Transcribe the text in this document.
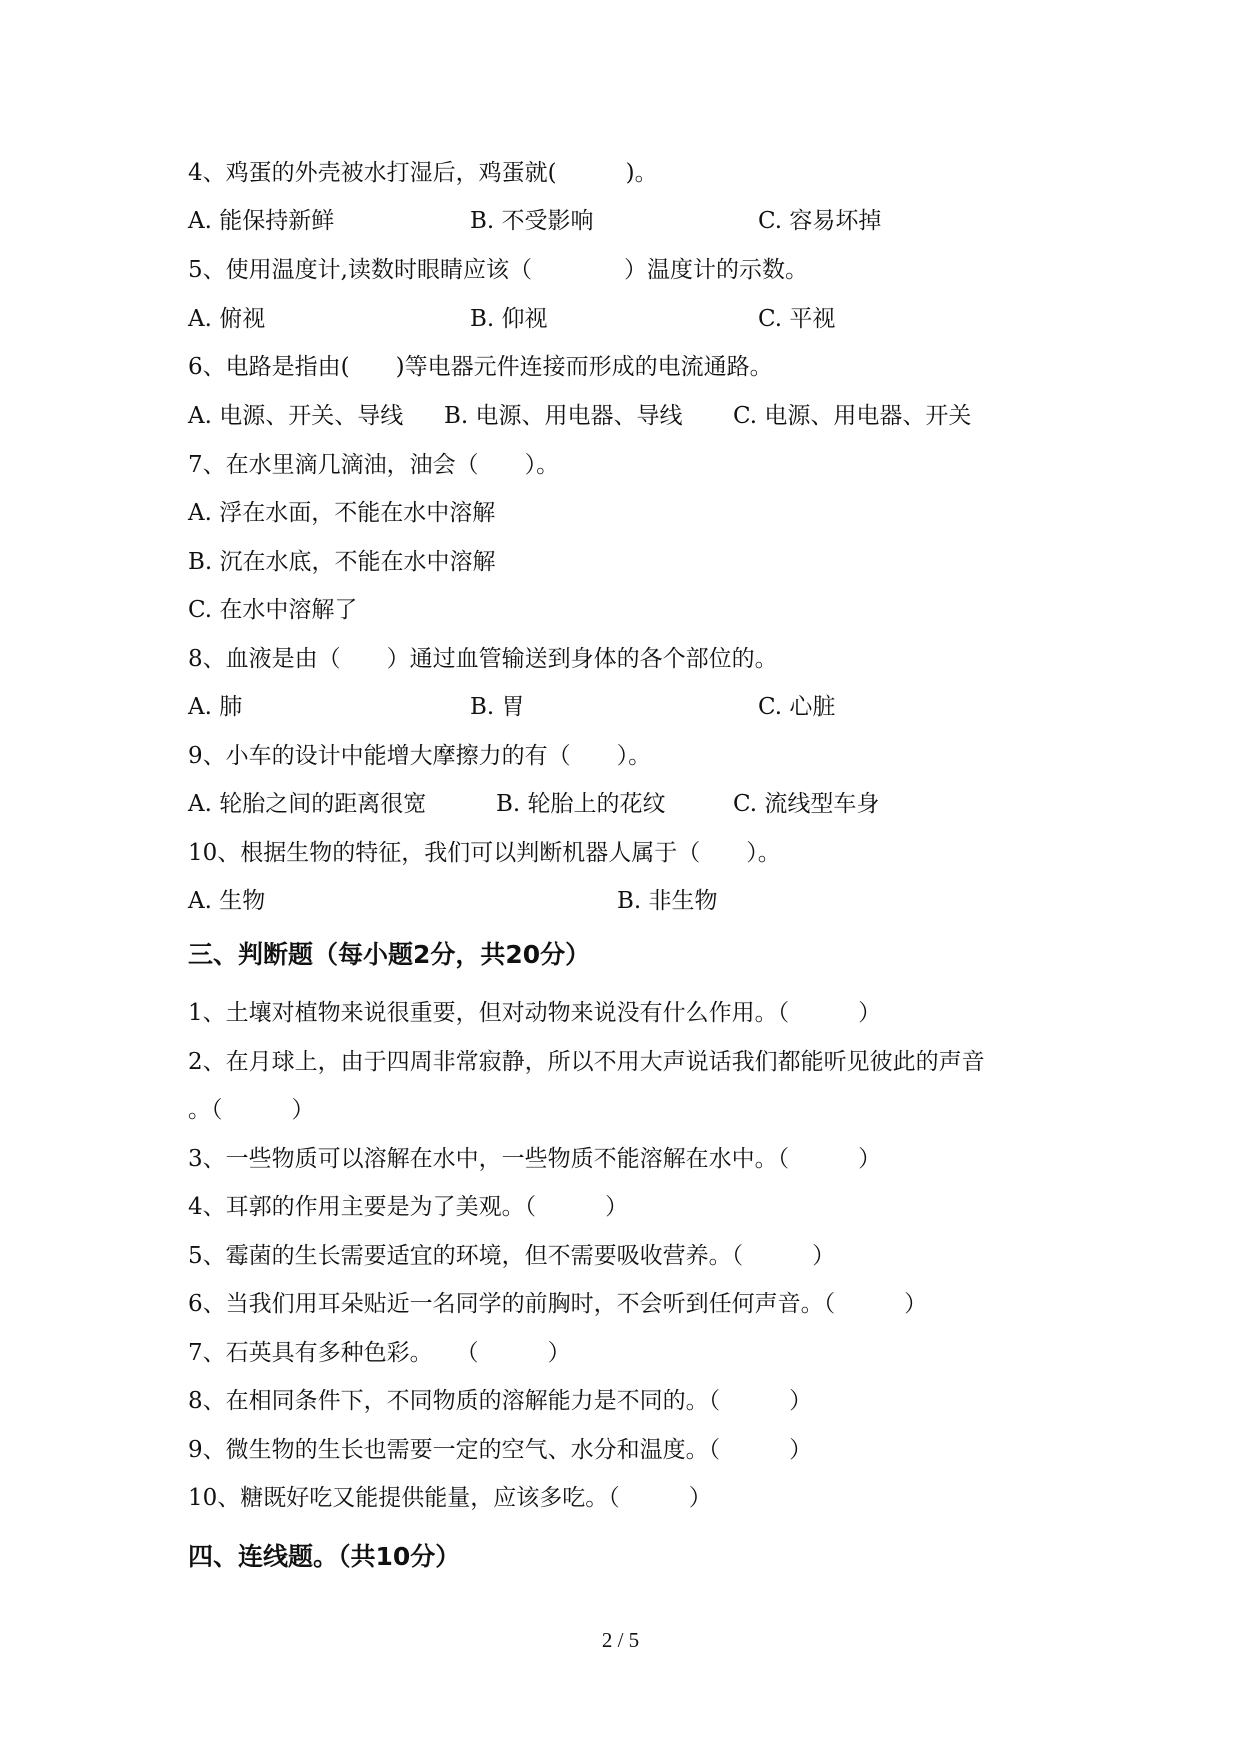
4、鸡蛋的外壳被水打湿后，鸡蛋就(　　　)。
A. 能保持新鲜	B. 不受影响	C. 容易坏掉
5、使用温度计,读数时眼睛应该（　　　　）温度计的示数。
A. 俯视	B. 仰视	C. 平视
6、电路是指由(　　)等电器元件连接而形成的电流通路。
A. 电源、开关、导线 B. 电源、用电器、导线 C. 电源、用电器、开关
7、在水里滴几滴油，油会（　　）。
A. 浮在水面，不能在水中溶解
B. 沉在水底，不能在水中溶解
C. 在水中溶解了
8、血液是由（　　）通过血管输送到身体的各个部位的。
A. 肺	B. 胃	C. 心脏
9、小车的设计中能增大摩擦力的有（　　）。
A. 轮胎之间的距离很宽	B. 轮胎上的花纹	C. 流线型车身
10、根据生物的特征，我们可以判断机器人属于（　　）。
A. 生物	B. 非生物
三、判断题（每小题2分，共20分）
1、土壤对植物来说很重要，但对动物来说没有什么作用。（　　　）
2、在月球上，由于四周非常寂静，所以不用大声说话我们都能听见彼此的声音
。（　　　）
3、一些物质可以溶解在水中，一些物质不能溶解在水中。（　　　）
4、耳郭的作用主要是为了美观。（　　　）
5、霉菌的生长需要适宜的环境，但不需要吸收营养。（　　　）
6、当我们用耳朵贴近一名同学的前胸时，不会听到任何声音。（　　　）
7、石英具有多种色彩。　　（　　　）
8、在相同条件下，不同物质的溶解能力是不同的。（　　　）
9、微生物的生长也需要一定的空气、水分和温度。（　　　）
10、糖既好吃又能提供能量，应该多吃。（　　　）
四、连线题。（共10分）
2 / 5
